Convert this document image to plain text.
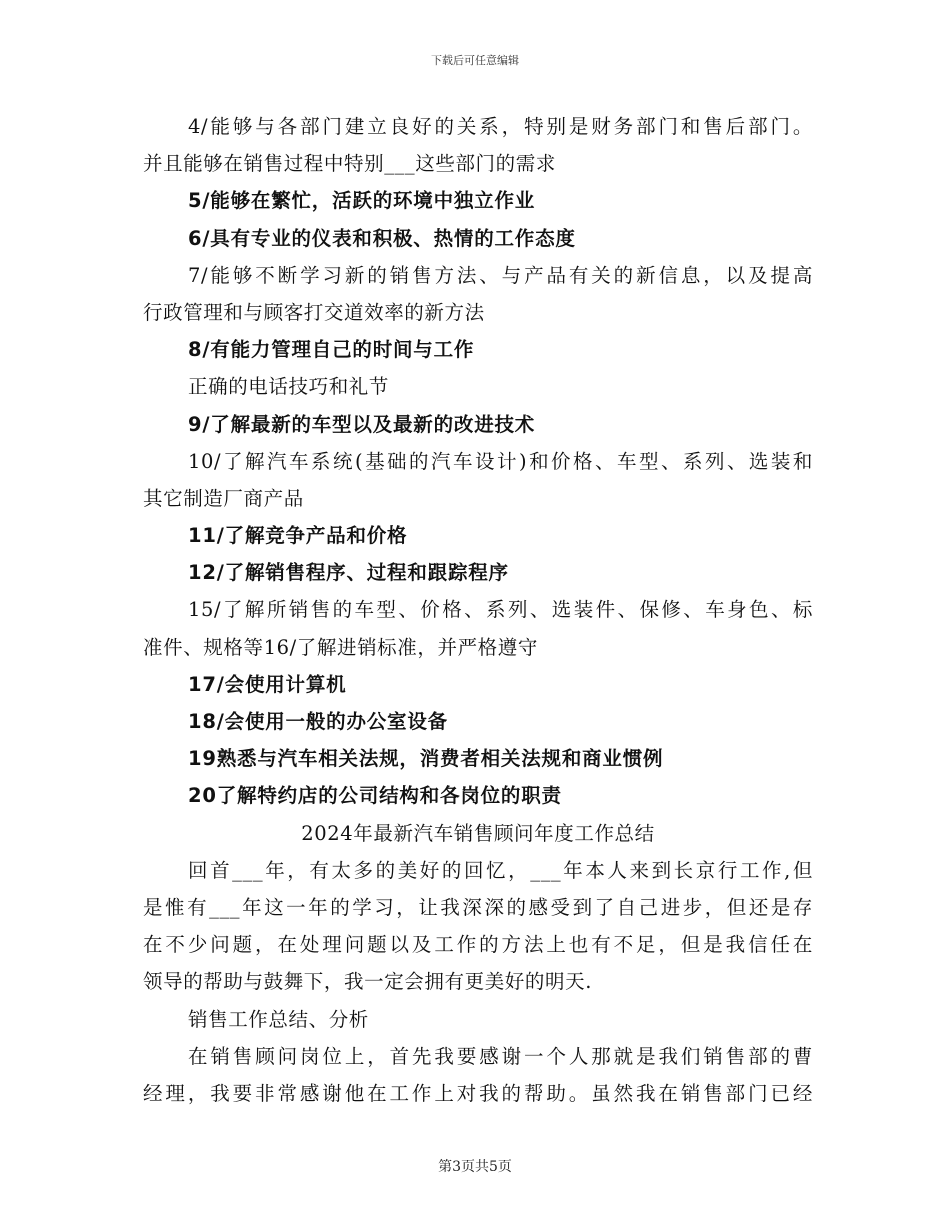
下载后可任意编辑
4/能够与各部门建立良好的关系，特别是财务部门和售后部门。
并且能够在销售过程中特别___这些部门的需求
5/能够在繁忙，活跃的环境中独立作业
6/具有专业的仪表和积极、热情的工作态度
7/能够不断学习新的销售方法、与产品有关的新信息，以及提高
行政管理和与顾客打交道效率的新方法
8/有能力管理自己的时间与工作
正确的电话技巧和礼节
9/了解最新的车型以及最新的改进技术
10/了解汽车系统(基础的汽车设计)和价格、车型、系列、选装和
其它制造厂商产品
11/了解竞争产品和价格
12/了解销售程序、过程和跟踪程序
15/了解所销售的车型、价格、系列、选装件、保修、车身色、标
准件、规格等16/了解进销标准，并严格遵守
17/会使用计算机
18/会使用一般的办公室设备
19熟悉与汽车相关法规，消费者相关法规和商业惯例
20了解特约店的公司结构和各岗位的职责
2024年最新汽车销售顾问年度工作总结
回首___年，有太多的美好的回忆，___年本人来到长京行工作,但
是惟有___年这一年的学习，让我深深的感受到了自己进步，但还是存
在不少问题，在处理问题以及工作的方法上也有不足，但是我信任在
领导的帮助与鼓舞下，我一定会拥有更美好的明天.
销售工作总结、分析
在销售顾问岗位上，首先我要感谢一个人那就是我们销售部的曹
经理，我要非常感谢他在工作上对我的帮助。虽然我在销售部门已经
第3页共5页
